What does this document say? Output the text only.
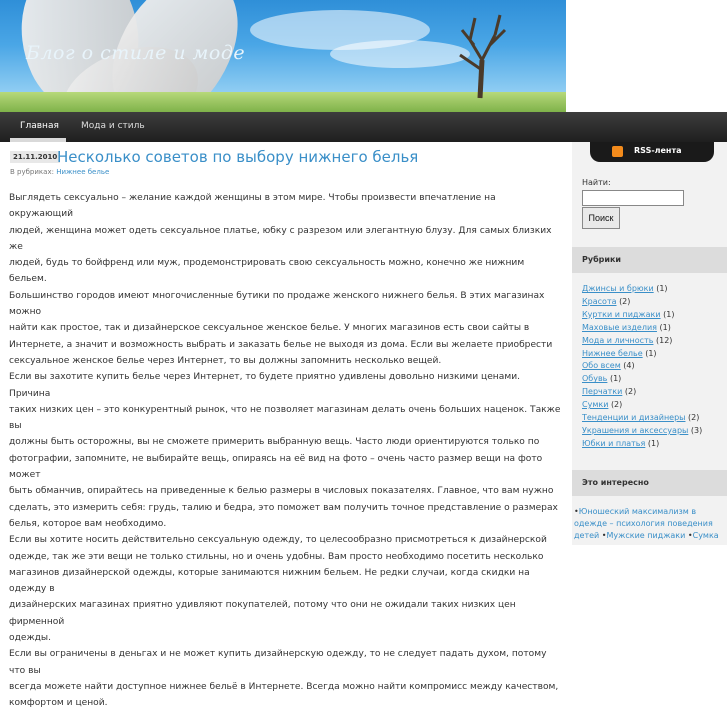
Блог о стиле и моде
Главная Мода и стиль
21.11.2010 Несколько советов по выбору нижнего белья
В рубриках: Нижнее белье

Выглядеть сексуально – желание каждой женщины в этом мире. Чтобы произвести впечатление на окружающий

людей, женщина может одеть сексуальное платье, юбку с разрезом или элегантную блузу. Для самых близких же

людей, будь то бойфренд или муж, продемонстрировать свою сексуальность можно, конечно же нижним бельем.

Большинство городов имеют многочисленные бутики по продаже женского нижнего белья. В этих магазинах можно

найти как простое, так и дизайнерское сексуальное женское белье. У многих магазинов есть свои сайты в

Интернете, а значит и возможность выбрать и заказать белье не выходя из дома. Если вы желаете приобрести

сексуальное женское белье через Интернет, то вы должны запомнить несколько вещей.

Если вы захотите купить белье через Интернет, то будете приятно удивлены довольно низкими ценами. Причина

таких низких цен – это конкурентный рынок, что не позволяет магазинам делать очень больших наценок. Также вы

должны быть осторожны, вы не сможете примерить выбранную вещь. Часто люди ориентируются только по

фотографии, запомните, не выбирайте вещь, опираясь на её вид на фото – очень часто размер вещи на фото может

быть обманчив, опирайтесь на приведенные к белью размеры в числовых показателях. Главное, что вам нужно

сделать, это измерить себя: грудь, талию и бедра, это поможет вам получить точное представление о размерах

белья, которое вам необходимо.

Если вы хотите носить действительно сексуальную одежду, то целесообразно присмотреться к дизайнерской

одежде, так же эти вещи не только стильны, но и очень удобны. Вам просто необходимо посетить несколько

магазинов дизайнерской одежды, которые занимаются нижним бельем. Не редки случаи, когда скидки на одежду в

дизайнерских магазинах приятно удивляют покупателей, потому что они не ожидали таких низких цен фирменной

одежды.

Если вы ограничены в деньгах и не может купить дизайнерскую одежду, то не следует падать духом, потому что вы

всегда можете найти доступное нижнее бельё в Интернете. Всегда можно найти компромисс между качеством,

комфортом и ценой.

RSS-лента
Найти:
Поиск
Рубрики
Джинсы и брюки (1)
Красота (2)
Куртки и пиджаки (1)
Маховые изделия (1)
Мода и личность (12)
Нижнее белье (1)
Обо всем (4)
Обувь (1)
Перчатки (2)
Сумки (2)
Тенденции и дизайнеры (2)
Украшения и аксессуары (3)
Юбки и платья (1)
Это интересно
•Юношеский максимализм в одежде – психология поведения детей •Мужские пиджаки •Сумка
